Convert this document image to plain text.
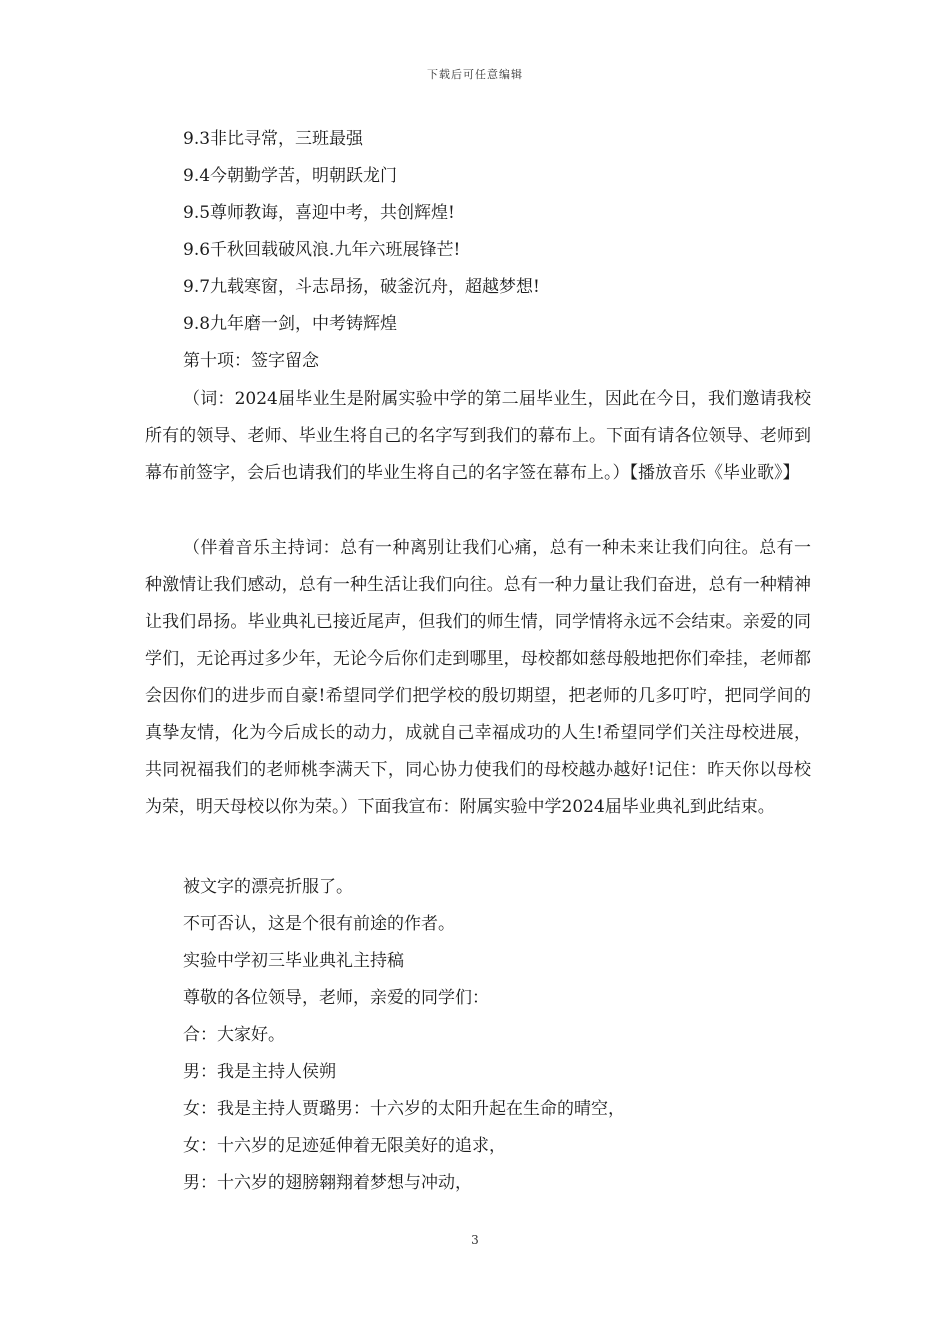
下载后可任意编辑
9.3非比寻常，三班最强
9.4今朝勤学苦，明朝跃龙门
9.5尊师教诲，喜迎中考，共创辉煌!
9.6千秋回载破风浪.九年六班展锋芒!
9.7九载寒窗，斗志昂扬，破釜沉舟，超越梦想!
9.8九年磨一剑，中考铸辉煌
第十项：签字留念
（词：2024届毕业生是附属实验中学的第二届毕业生，因此在今日，我们邀请我校所有的领导、老师、毕业生将自己的名字写到我们的幕布上。下面有请各位领导、老师到幕布前签字，会后也请我们的毕业生将自己的名字签在幕布上。）【播放音乐《毕业歌》】
（伴着音乐主持词：总有一种离别让我们心痛，总有一种未来让我们向往。总有一种激情让我们感动，总有一种生活让我们向往。总有一种力量让我们奋进，总有一种精神让我们昂扬。毕业典礼已接近尾声，但我们的师生情，同学情将永远不会结束。亲爱的同学们，无论再过多少年，无论今后你们走到哪里，母校都如慈母般地把你们牵挂，老师都会因你们的进步而自豪!希望同学们把学校的殷切期望，把老师的几多叮咛，把同学间的真挚友情，化为今后成长的动力，成就自己幸福成功的人生!希望同学们关注母校进展，共同祝福我们的老师桃李满天下，同心协力使我们的母校越办越好!记住：昨天你以母校为荣，明天母校以你为荣。）下面我宣布：附属实验中学2024届毕业典礼到此结束。
被文字的漂亮折服了。
不可否认，这是个很有前途的作者。
实验中学初三毕业典礼主持稿
尊敬的各位领导，老师，亲爱的同学们：
合：大家好。
男：我是主持人侯朔
女：我是主持人贾璐男：十六岁的太阳升起在生命的晴空，
女：十六岁的足迹延伸着无限美好的追求，
男：十六岁的翅膀翱翔着梦想与冲动，
3
